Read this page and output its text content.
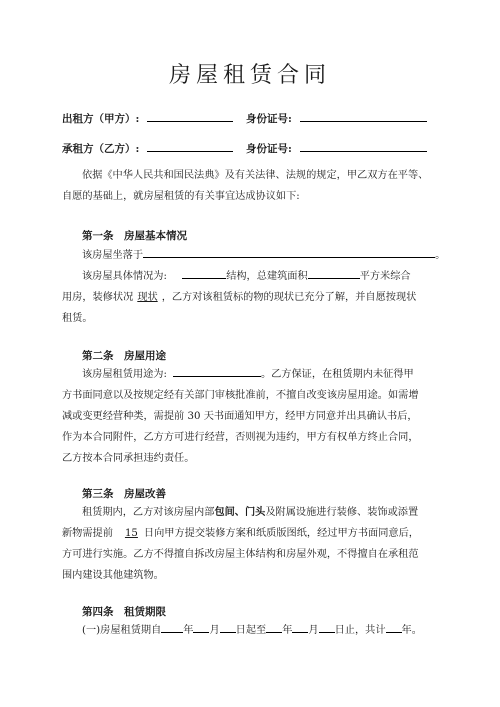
房屋租赁合同
出租方（甲方）:	身份证号:
承租方（乙方）:	身份证号:
依据《中华人民共和国民法典》及有关法律、法规的规定，甲乙双方在平等、
自愿的基础上，就房屋租赁的有关事宜达成协议如下:
第一条　房屋基本情况
该房屋坐落于	。
该房屋具体情况为:	结构，总建筑面积	平方米综合
用房，装修状况 现状 ，乙方对该租赁标的物的现状已充分了解，并自愿按现状
租赁。
第二条　房屋用途
该房屋租赁用途为:	。乙方保证，在租赁期内未征得甲
方书面同意以及按规定经有关部门审核批准前，不擅自改变该房屋用途。如需增
减或变更经营种类，需提前 30 天书面通知甲方，经甲方同意并出具确认书后，
作为本合同附件，乙方方可进行经营，否则视为违约，甲方有权单方终止合同，
乙方按本合同承担违约责任。
第三条　房屋改善
租赁期内，乙方对该房屋内部包间、门头及附属设施进行装修、装饰或添置
新物需提前 15 日向甲方提交装修方案和纸质版图纸，经过甲方书面同意后，
方可进行实施。乙方不得擅自拆改房屋主体结构和房屋外观，不得擅自在承租范
围内建设其他建筑物。
第四条　租赁期限
(一)房屋租赁期自 年 月 日起至 年 月 日止，共计 年。
